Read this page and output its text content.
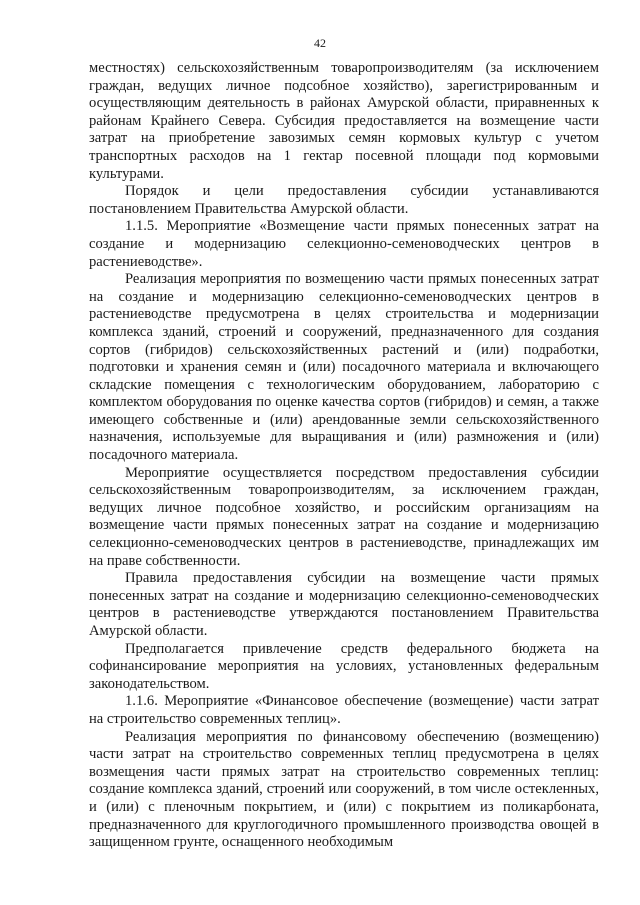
42

местностях) сельскохозяйственным товаропроизводителям (за исключением граждан, ведущих личное подсобное хозяйство), зарегистрированным и осуществляющим деятельность в районах Амурской области, приравненных к районам Крайнего Севера. Субсидия предоставляется на возмещение части затрат на приобретение завозимых семян кормовых культур с учетом транспортных расходов на 1 гектар посевной площади под кормовыми культурами.

Порядок и цели предоставления субсидии устанавливаются постановлением Правительства Амурской области.

1.1.5. Мероприятие «Возмещение части прямых понесенных затрат на создание и модернизацию селекционно-семеноводческих центров в растениеводстве».

Реализация мероприятия по возмещению части прямых понесенных затрат на создание и модернизацию селекционно-семеноводческих центров в растениеводстве предусмотрена в целях строительства и модернизации комплекса зданий, строений и сооружений, предназначенного для создания сортов (гибридов) сельскохозяйственных растений и (или) подработки, подготовки и хранения семян и (или) посадочного материала и включающего складские помещения с технологическим оборудованием, лабораторию с комплектом оборудования по оценке качества сортов (гибридов) и семян, а также имеющего собственные и (или) арендованные земли сельскохозяйственного назначения, используемые для выращивания и (или) размножения и (или) посадочного материала.

Мероприятие осуществляется посредством предоставления субсидии сельскохозяйственным товаропроизводителям, за исключением граждан, ведущих личное подсобное хозяйство, и российским организациям на возмещение части прямых понесенных затрат на создание и модернизацию селекционно-семеноводческих центров в растениеводстве, принадлежащих им на праве собственности.

Правила предоставления субсидии на возмещение части прямых понесенных затрат на создание и модернизацию селекционно-семеноводческих центров в растениеводстве утверждаются постановлением Правительства Амурской области.

Предполагается привлечение средств федерального бюджета на софинансирование мероприятия на условиях, установленных федеральным законодательством.

1.1.6. Мероприятие «Финансовое обеспечение (возмещение) части затрат на строительство современных теплиц».

Реализация мероприятия по финансовому обеспечению (возмещению) части затрат на строительство современных теплиц предусмотрена в целях возмещения части прямых затрат на строительство современных теплиц: создание комплекса зданий, строений или сооружений, в том числе остекленных, и (или) с пленочным покрытием, и (или) с покрытием из поликарбоната, предназначенного для круглогодичного промышленного производства овощей в защищенном грунте, оснащенного необходимым
